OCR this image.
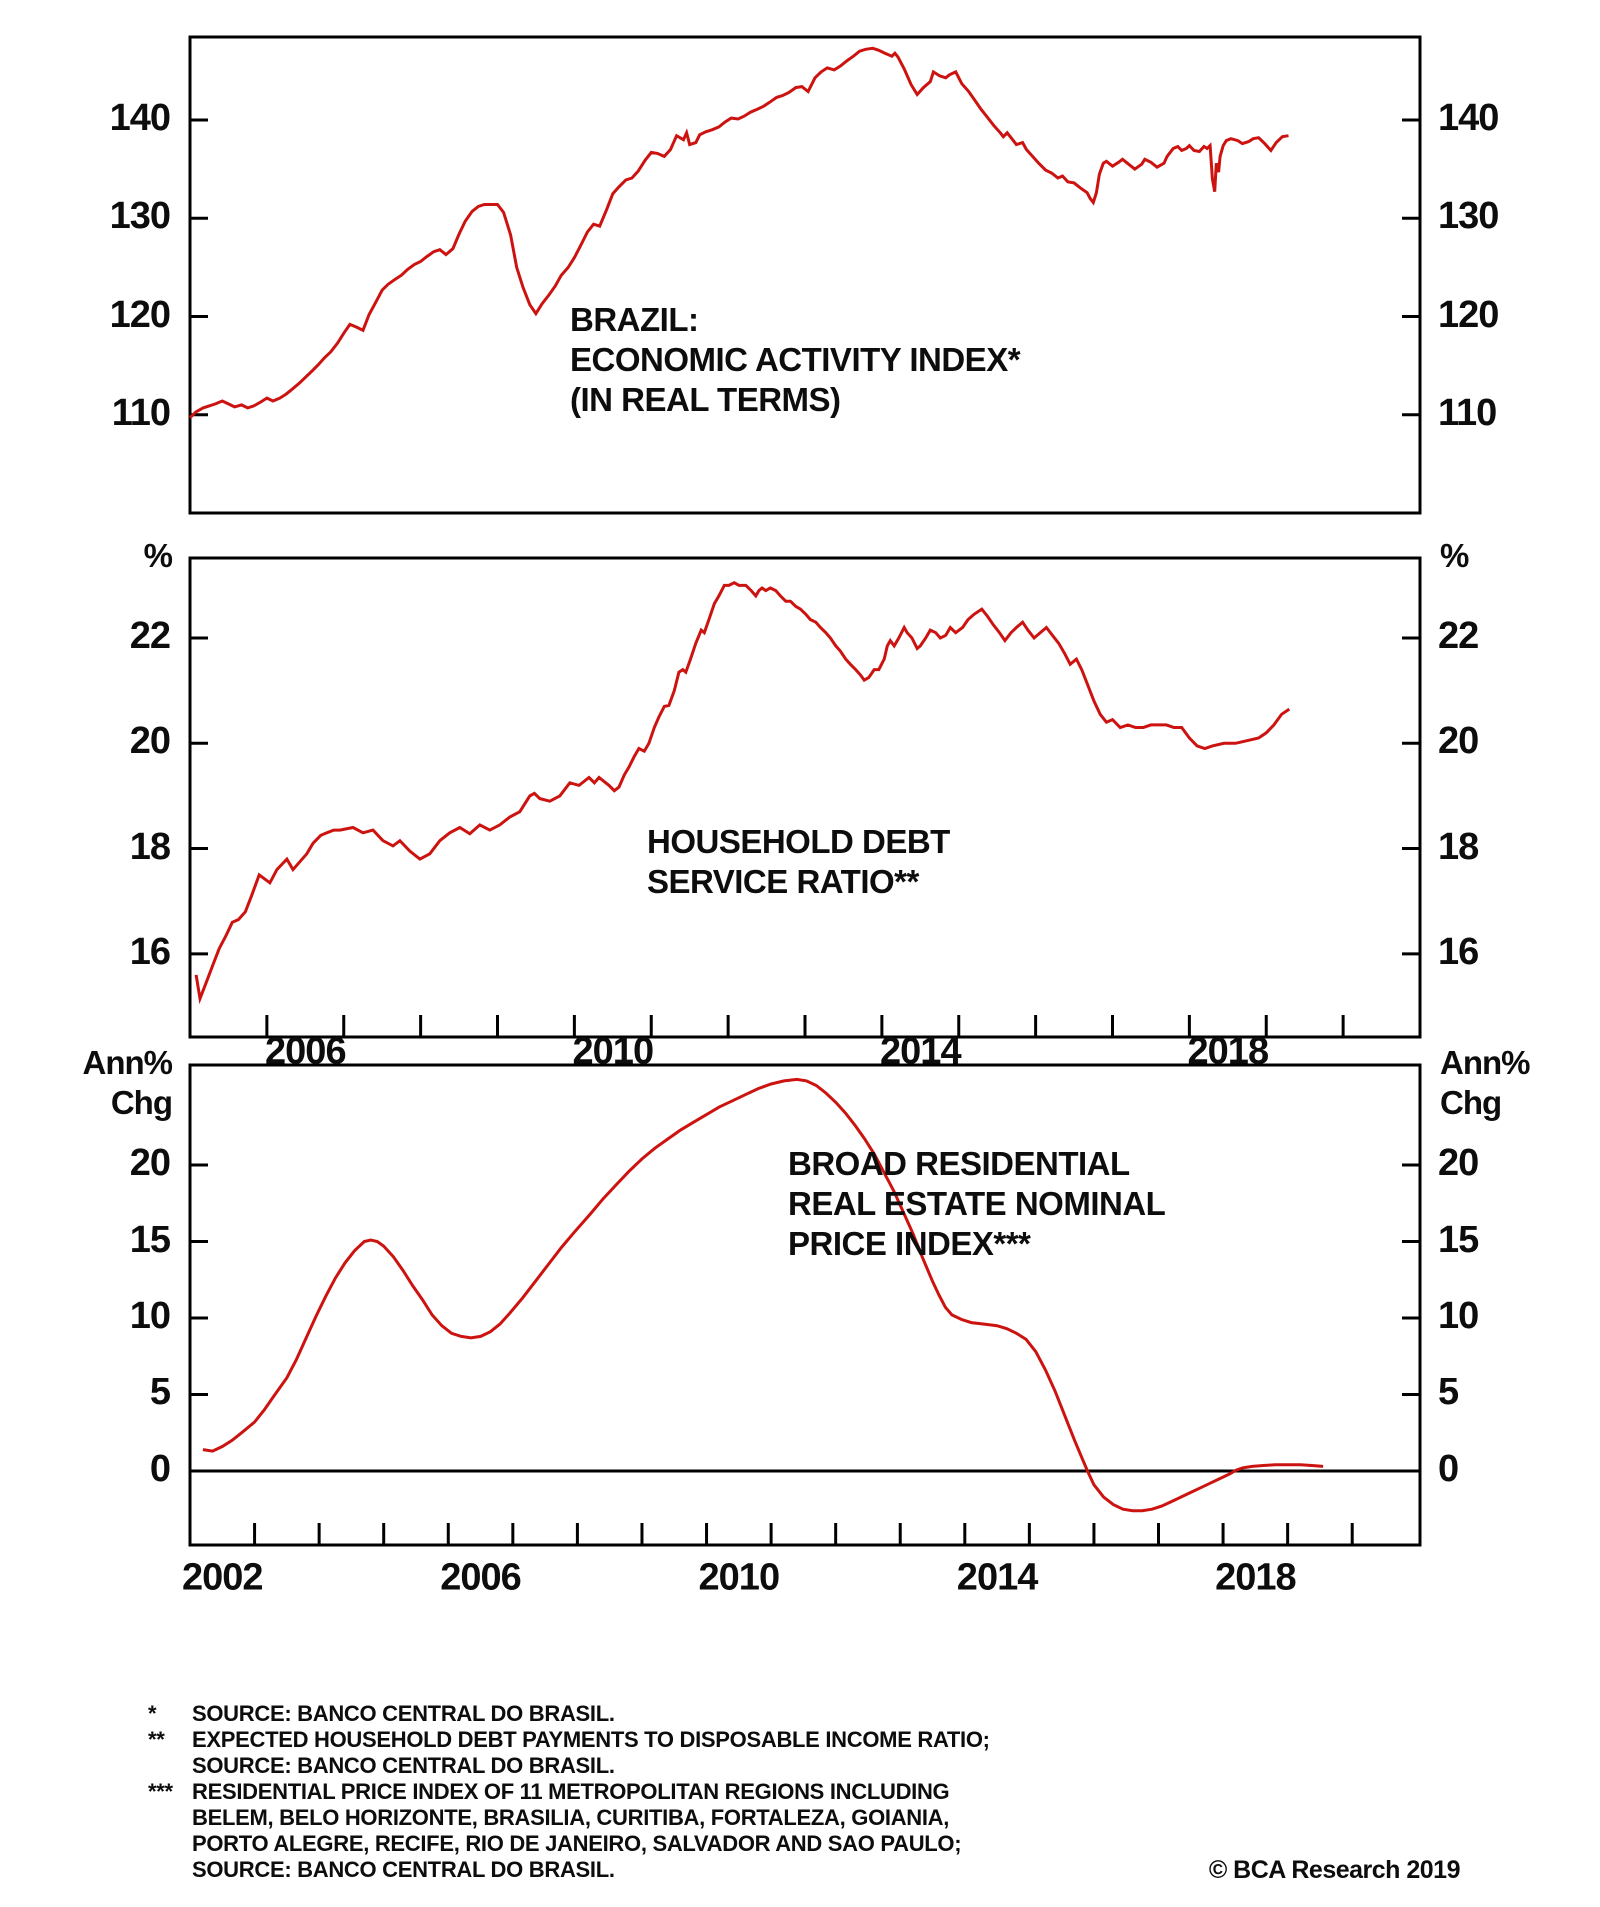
BRAZIL:
ECONOMIC ACTIVITY INDEX*
(IN REAL TERMS)
HOUSEHOLD DEBT
SERVICE RATIO**
BROAD RESIDENTIAL
REAL ESTATE NOMINAL
PRICE INDEX***
110	110
120	120
130	130
140	140
16	16
18	18
20	20
22	22
2006	2010	2014	2018
%	%
0	0
5	5
10	10
15	15
20	20
2002	2006	2010	2014	2018
Ann%	Ann%
Chg	Chg
* SOURCE: BANCO CENTRAL DO BRASIL.
** EXPECTED HOUSEHOLD DEBT PAYMENTS TO DISPOSABLE INCOME RATIO;
SOURCE: BANCO CENTRAL DO BRASIL.
*** RESIDENTIAL PRICE INDEX OF 11 METROPOLITAN REGIONS INCLUDING
BELEM, BELO HORIZONTE, BRASILIA, CURITIBA, FORTALEZA, GOIANIA,
PORTO ALEGRE, RECIFE, RIO DE JANEIRO, SALVADOR AND SAO PAULO;
SOURCE: BANCO CENTRAL DO BRASIL.	© BCA Research 2019
